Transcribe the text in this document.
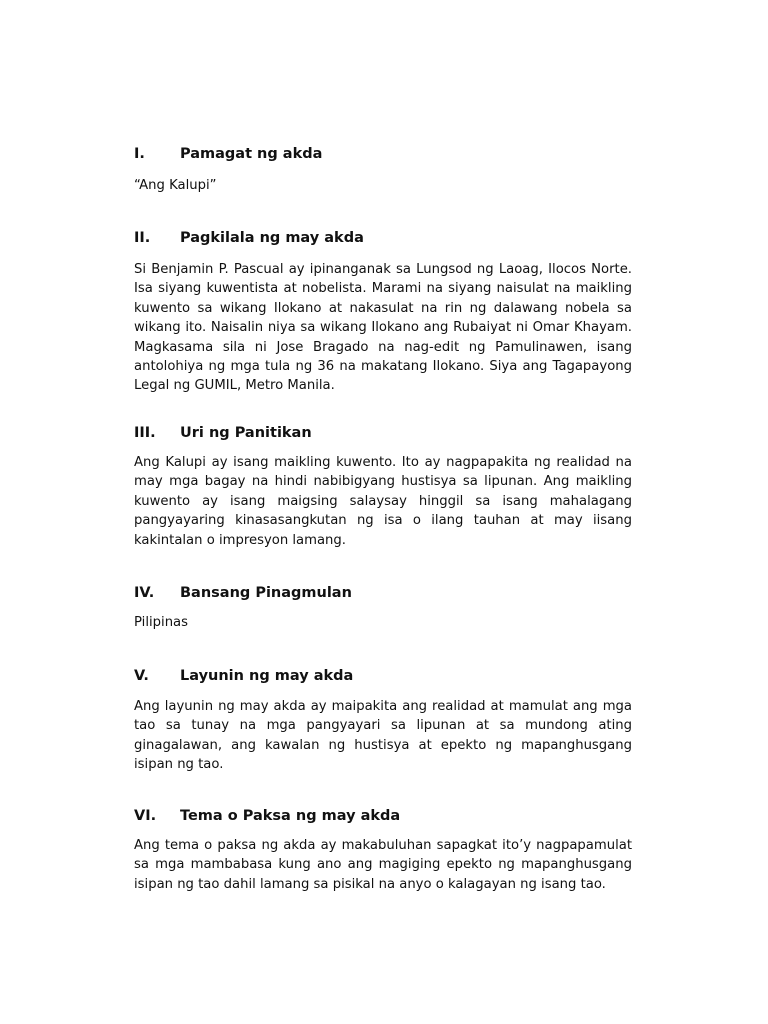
I. Pamagat ng akda
“Ang Kalupi”
II. Pagkilala ng may akda
Si Benjamin P. Pascual ay ipinanganak sa Lungsod ng Laoag, Ilocos Norte. Isa siyang kuwentista at nobelista. Marami na siyang naisulat na maikling kuwento sa wikang Ilokano at nakasulat na rin ng dalawang nobela sa wikang ito. Naisalin niya sa wikang Ilokano ang Rubaiyat ni Omar Khayam. Magkasama sila ni Jose Bragado na nag-edit ng Pamulinawen, isang antolohiya ng mga tula ng 36 na makatang Ilokano. Siya ang Tagapayong Legal ng GUMIL, Metro Manila.
III. Uri ng Panitikan
Ang Kalupi ay isang maikling kuwento. Ito ay nagpapakita ng realidad na may mga bagay na hindi nabibigyang hustisya sa lipunan. Ang maikling kuwento ay isang maigsing salaysay hinggil sa isang mahalagang pangyayaring kinasasangkutan ng isa o ilang tauhan at may iisang kakintalan o impresyon lamang.
IV. Bansang Pinagmulan
Pilipinas
V. Layunin ng may akda
Ang layunin ng may akda ay maipakita ang realidad at mamulat ang mga tao sa tunay na mga pangyayari sa lipunan at sa mundong ating ginagalawan, ang kawalan ng hustisya at epekto ng mapanghusgang isipan ng tao.
VI. Tema o Paksa ng may akda
Ang tema o paksa ng akda ay makabuluhan sapagkat ito’y nagpapamulat sa mga mambabasa kung ano ang magiging epekto ng mapanghusgang isipan ng tao dahil lamang sa pisikal na anyo o kalagayan ng isang tao.
